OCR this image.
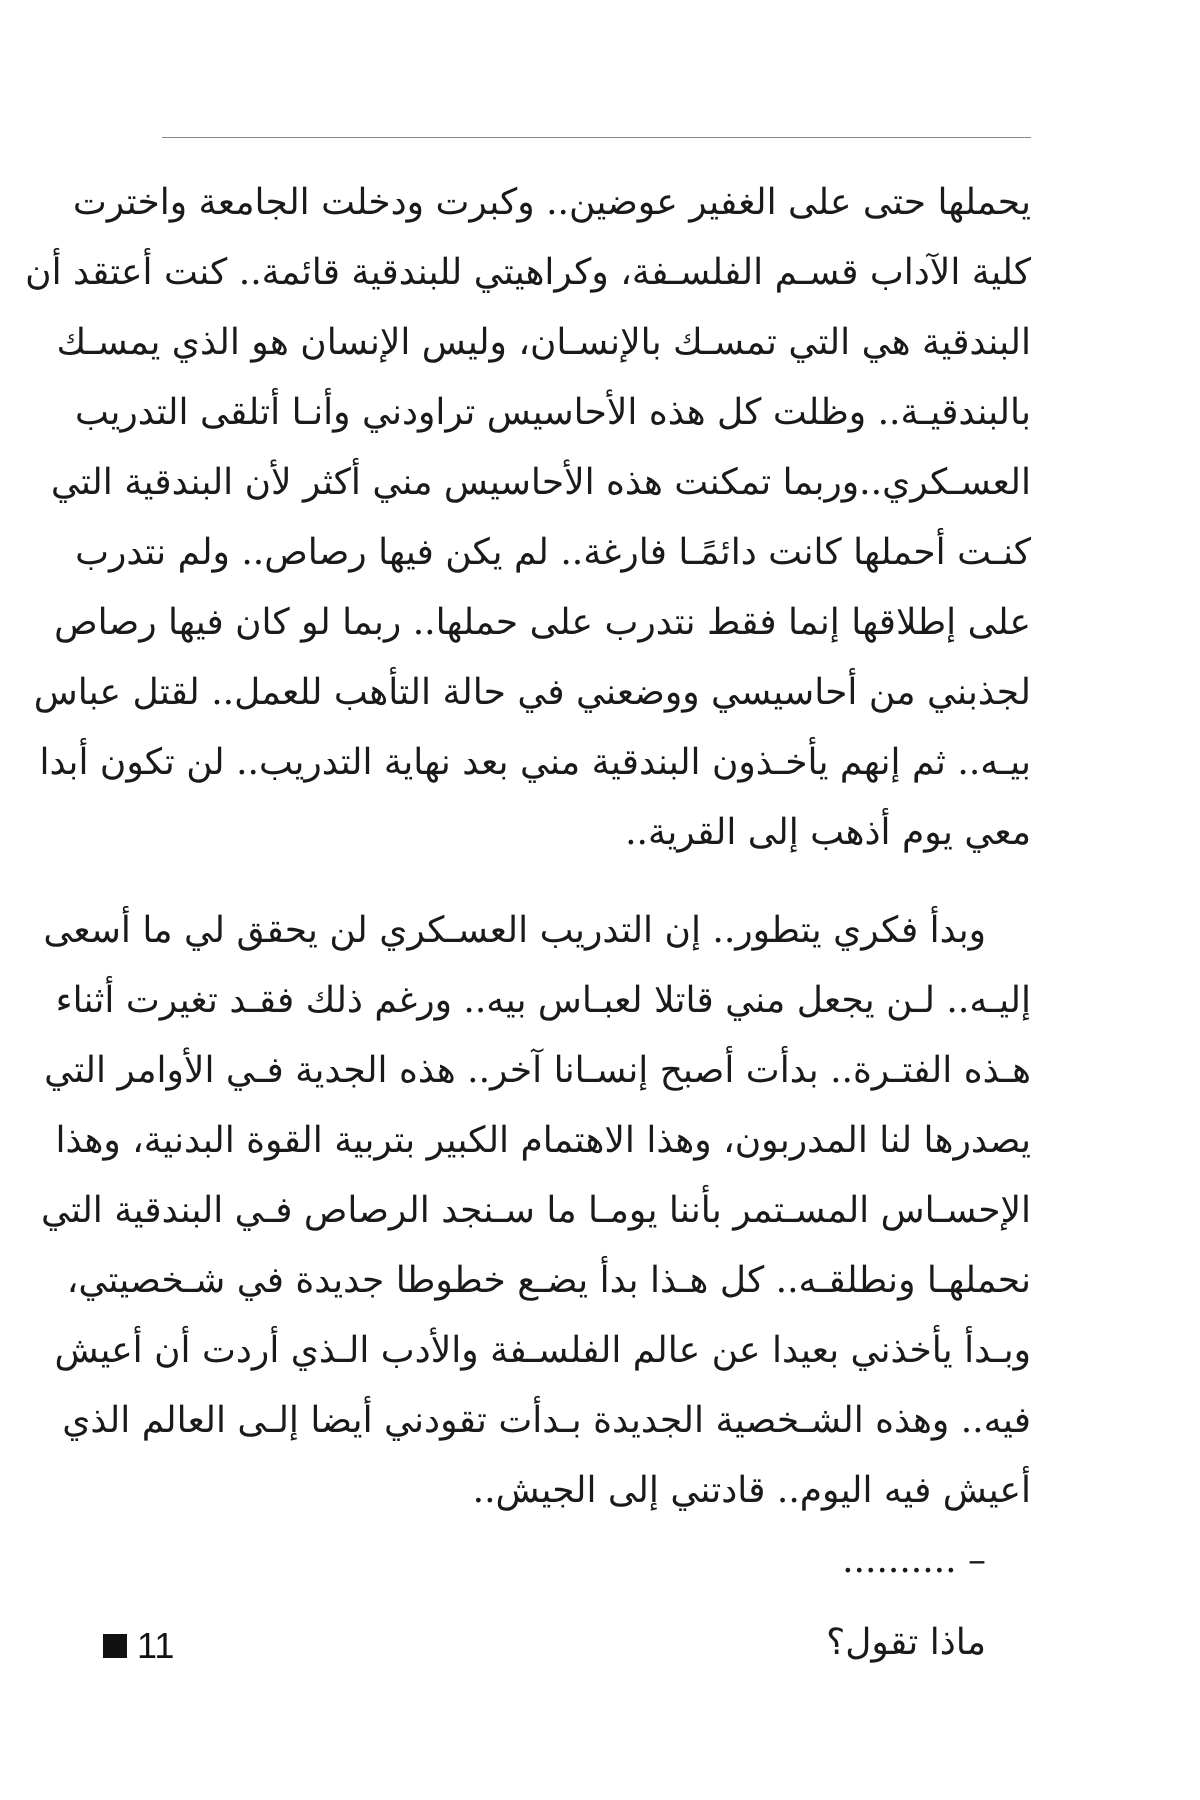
يحملها حتى على الغفير عوضين.. وكبرت ودخلت الجامعة واخترت
كلية الآداب قسـم الفلسـفة، وكراهيتي للبندقية قائمة.. كنت أعتقد أن
البندقية هي التي تمسـك بالإنسـان، وليس الإنسان هو الذي يمسـك
بالبندقيـة.. وظلت كل هذه الأحاسيس تراودني وأنـا أتلقى التدريب
العسـكري..وربما تمكنت هذه الأحاسيس مني أكثر لأن البندقية التي
كنـت أحملها كانت دائمًـا فارغة.. لم يكن فيها رصاص.. ولم نتدرب
على إطلاقها إنما فقط نتدرب على حملها.. ربما لو كان فيها رصاص
لجذبني من أحاسيسي ووضعني في حالة التأهب للعمل.. لقتل عباس
بيـه.. ثم إنهم يأخـذون البندقية مني بعد نهاية التدريب.. لن تكون أبدا
معي يوم أذهب إلى القرية..
وبدأ فكري يتطور.. إن التدريب العسـكري لن يحقق لي ما أسعى
إليـه.. لـن يجعل مني قاتلا لعبـاس بيه.. ورغم ذلك فقـد تغيرت أثناء
هـذه الفتـرة.. بدأت أصبح إنسـانا آخر.. هذه الجدية فـي الأوامر التي
يصدرها لنا المدربون، وهذا الاهتمام الكبير بتربية القوة البدنية، وهذا
الإحسـاس المسـتمر بأننا يومـا ما سـنجد الرصاص فـي البندقية التي
نحملهـا ونطلقـه.. كل هـذا بدأ يضـع خطوطا جديدة في شـخصيتي،
وبـدأ يأخذني بعيدا عن عالم الفلسـفة والأدب الـذي أردت أن أعيش
فيه.. وهذه الشـخصية الجديدة بـدأت تقودني أيضا إلـى العالم الذي
أعيش فيه اليوم.. قادتني إلى الجيش..
– ..........
ماذا تقول؟
11
